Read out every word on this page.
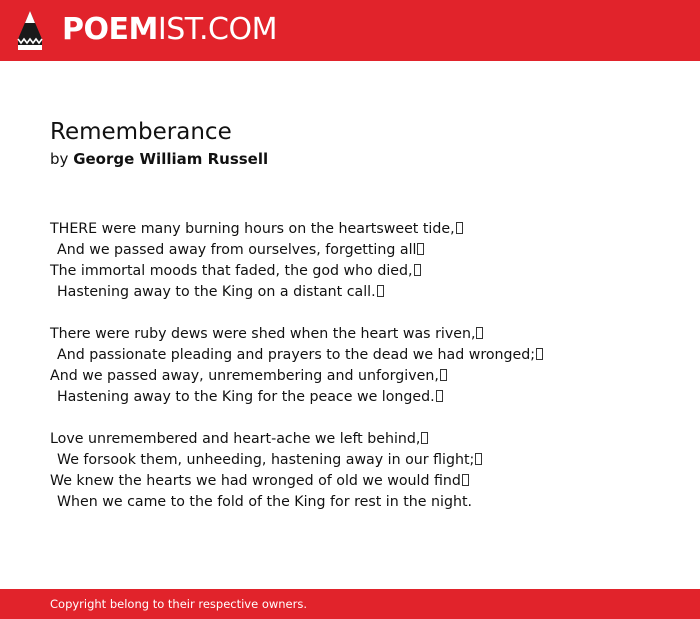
POEMIST.COM
Rememberance
by George William Russell
THERE were many burning hours on the heartsweet tide,
And we passed away from ourselves, forgetting all
The immortal moods that faded, the god who died,
Hastening away to the King on a distant call.
There were ruby dews were shed when the heart was riven,
And passionate pleading and prayers to the dead we had wronged;
And we passed away, unremembering and unforgiven,
Hastening away to the King for the peace we longed.
Love unremembered and heart-ache we left behind,
We forsook them, unheeding, hastening away in our flight;
We knew the hearts we had wronged of old we would find
When we came to the fold of the King for rest in the night.
Copyright belong to their respective owners.
